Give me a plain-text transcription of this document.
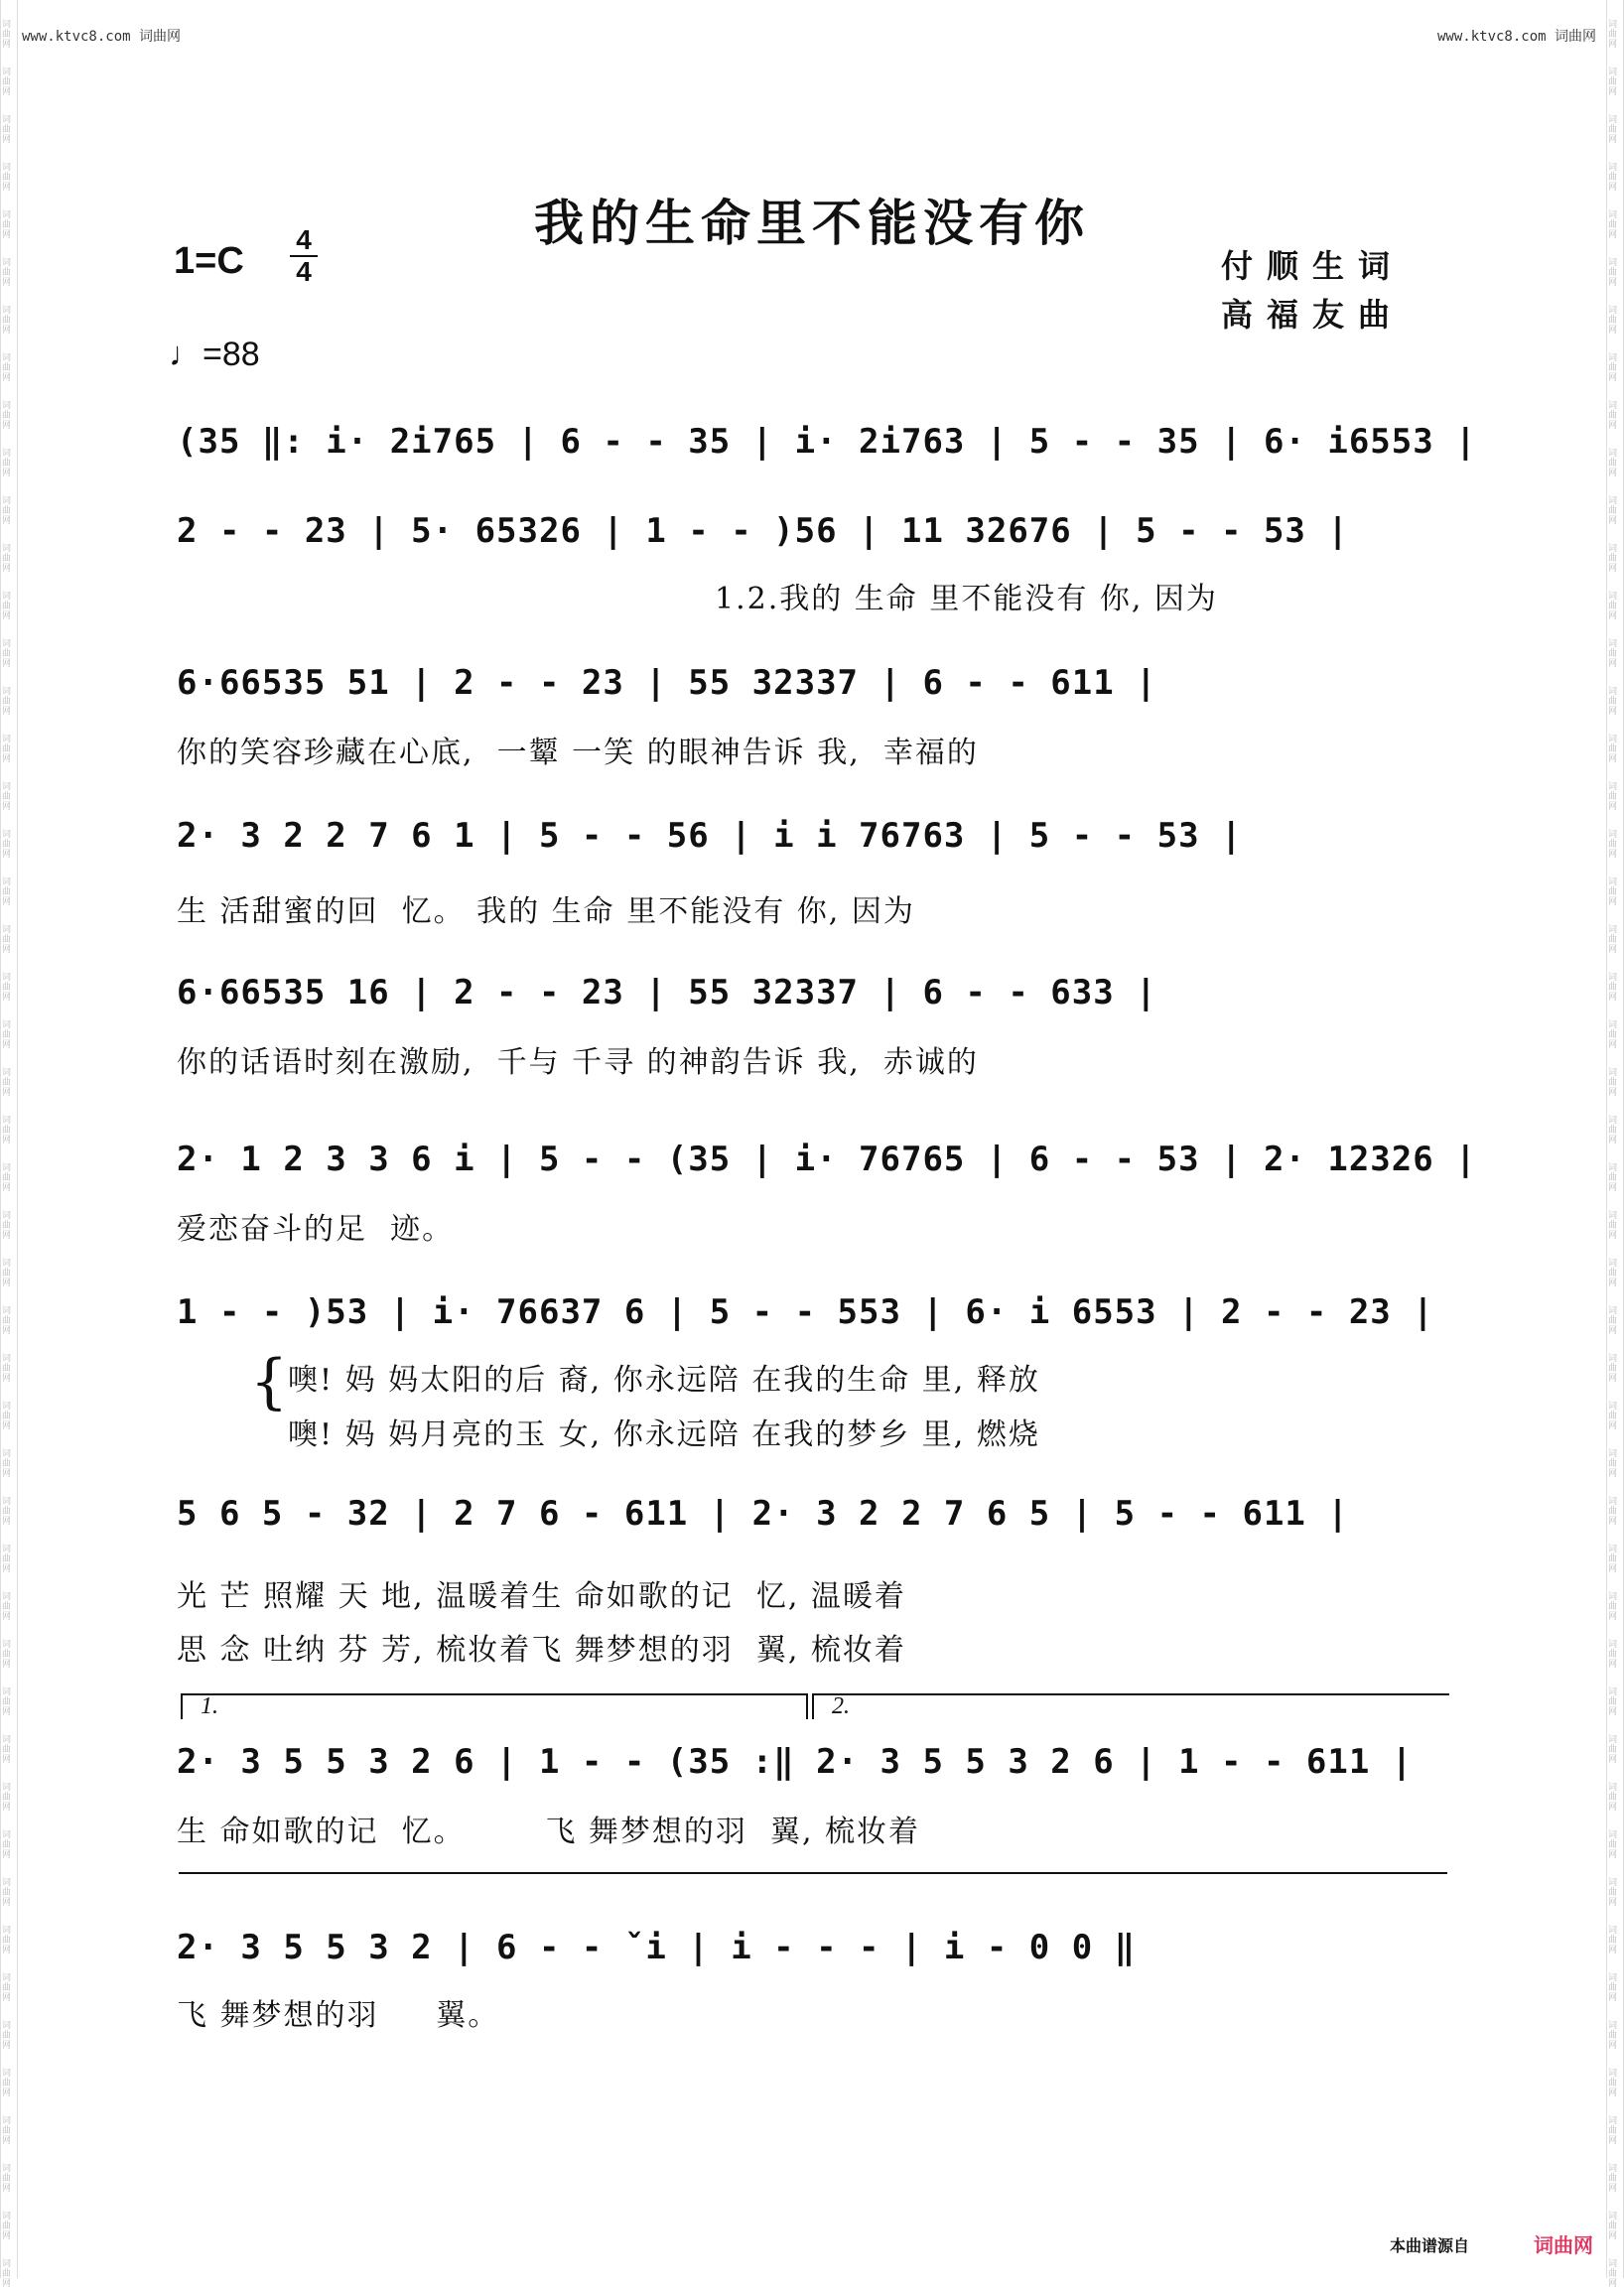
词曲网
词曲网
词曲网
词曲网
词曲网
词曲网
词曲网
词曲网
词曲网
词曲网
词曲网
词曲网
词曲网
词曲网
词曲网
词曲网
词曲网
词曲网
词曲网
词曲网
词曲网
词曲网
词曲网
词曲网
词曲网
词曲网
词曲网
词曲网
词曲网
词曲网
词曲网
词曲网
词曲网
词曲网
词曲网
词曲网
词曲网
词曲网
词曲网
词曲网
词曲网
词曲网
词曲网
词曲网
词曲网
词曲网
词曲网
词曲网
词曲网
词曲网
词曲网
词曲网
词曲网
词曲网
词曲网
词曲网
词曲网
词曲网
词曲网
词曲网
词曲网
词曲网
词曲网
词曲网
词曲网
词曲网
词曲网
词曲网
词曲网
词曲网
词曲网
词曲网
词曲网
词曲网
词曲网
词曲网
词曲网
词曲网
词曲网
词曲网
词曲网
词曲网
词曲网
词曲网
词曲网
词曲网
词曲网
词曲网
词曲网
词曲网
词曲网
词曲网
词曲网
词曲网
词曲网
词曲网
www.ktvc8.com 词曲网	www.ktvc8.com 词曲网
我的生命里不能没有你
1=C
4
4
♩=88
付顺生词
高福友曲
(35 ‖: i· 2i765 | 6 - - 35 | i· 2i763 | 5 - - 35 | 6· i6553 |
2 - - 23 | 5· 65326 | 1 - - )56 | 11 32676 | 5 - - 53 |
1.2.我的 生命 里不能没有 你, 因为
6·66535 51 | 2 - - 23 | 55 32337 | 6 - - 611 |
你的笑容珍藏在心底,  一颦 一笑 的眼神告诉 我,  幸福的
2· 3 2 2 7 6 1 | 5 - - 56 | i i 76763 | 5 - - 53 |
生 活甜蜜的回  忆。 我的 生命 里不能没有 你, 因为
6·66535 16 | 2 - - 23 | 55 32337 | 6 - - 633 |
你的话语时刻在激励,  千与 千寻 的神韵告诉 我,  赤诚的
2· 1 2 3 3 6 i | 5 - - (35 | i· 76765 | 6 - - 53 | 2· 12326 |
爱恋奋斗的足  迹。
1 - - )53 | i· 76637 6 | 5 - - 553 | 6· i 6553 | 2 - - 23 |
{ 噢! 妈 妈太阳的后 裔, 你永远陪 在我的生命 里, 释放
噢! 妈 妈月亮的玉 女, 你永远陪 在我的梦乡 里, 燃烧
5 6 5 - 32 | 2 7 6 - 611 | 2· 3 2 2 7 6 5 | 5 - - 611 |
光 芒 照耀 天 地, 温暖着生 命如歌的记  忆, 温暖着
思 念 吐纳 芬 芳, 梳妆着飞 舞梦想的羽  翼, 梳妆着
1.	2.
2· 3 5 5 3 2 6 | 1 - - (35 :‖ 2· 3 5 5 3 2 6 | 1 - - 611 |
生 命如歌的记  忆。       飞 舞梦想的羽  翼, 梳妆着
2· 3 5 5 3 2 | 6 - - ˇi | i - - - | i - 0 0 ‖
飞 舞梦想的羽     翼。
本曲谱源自	词曲网
